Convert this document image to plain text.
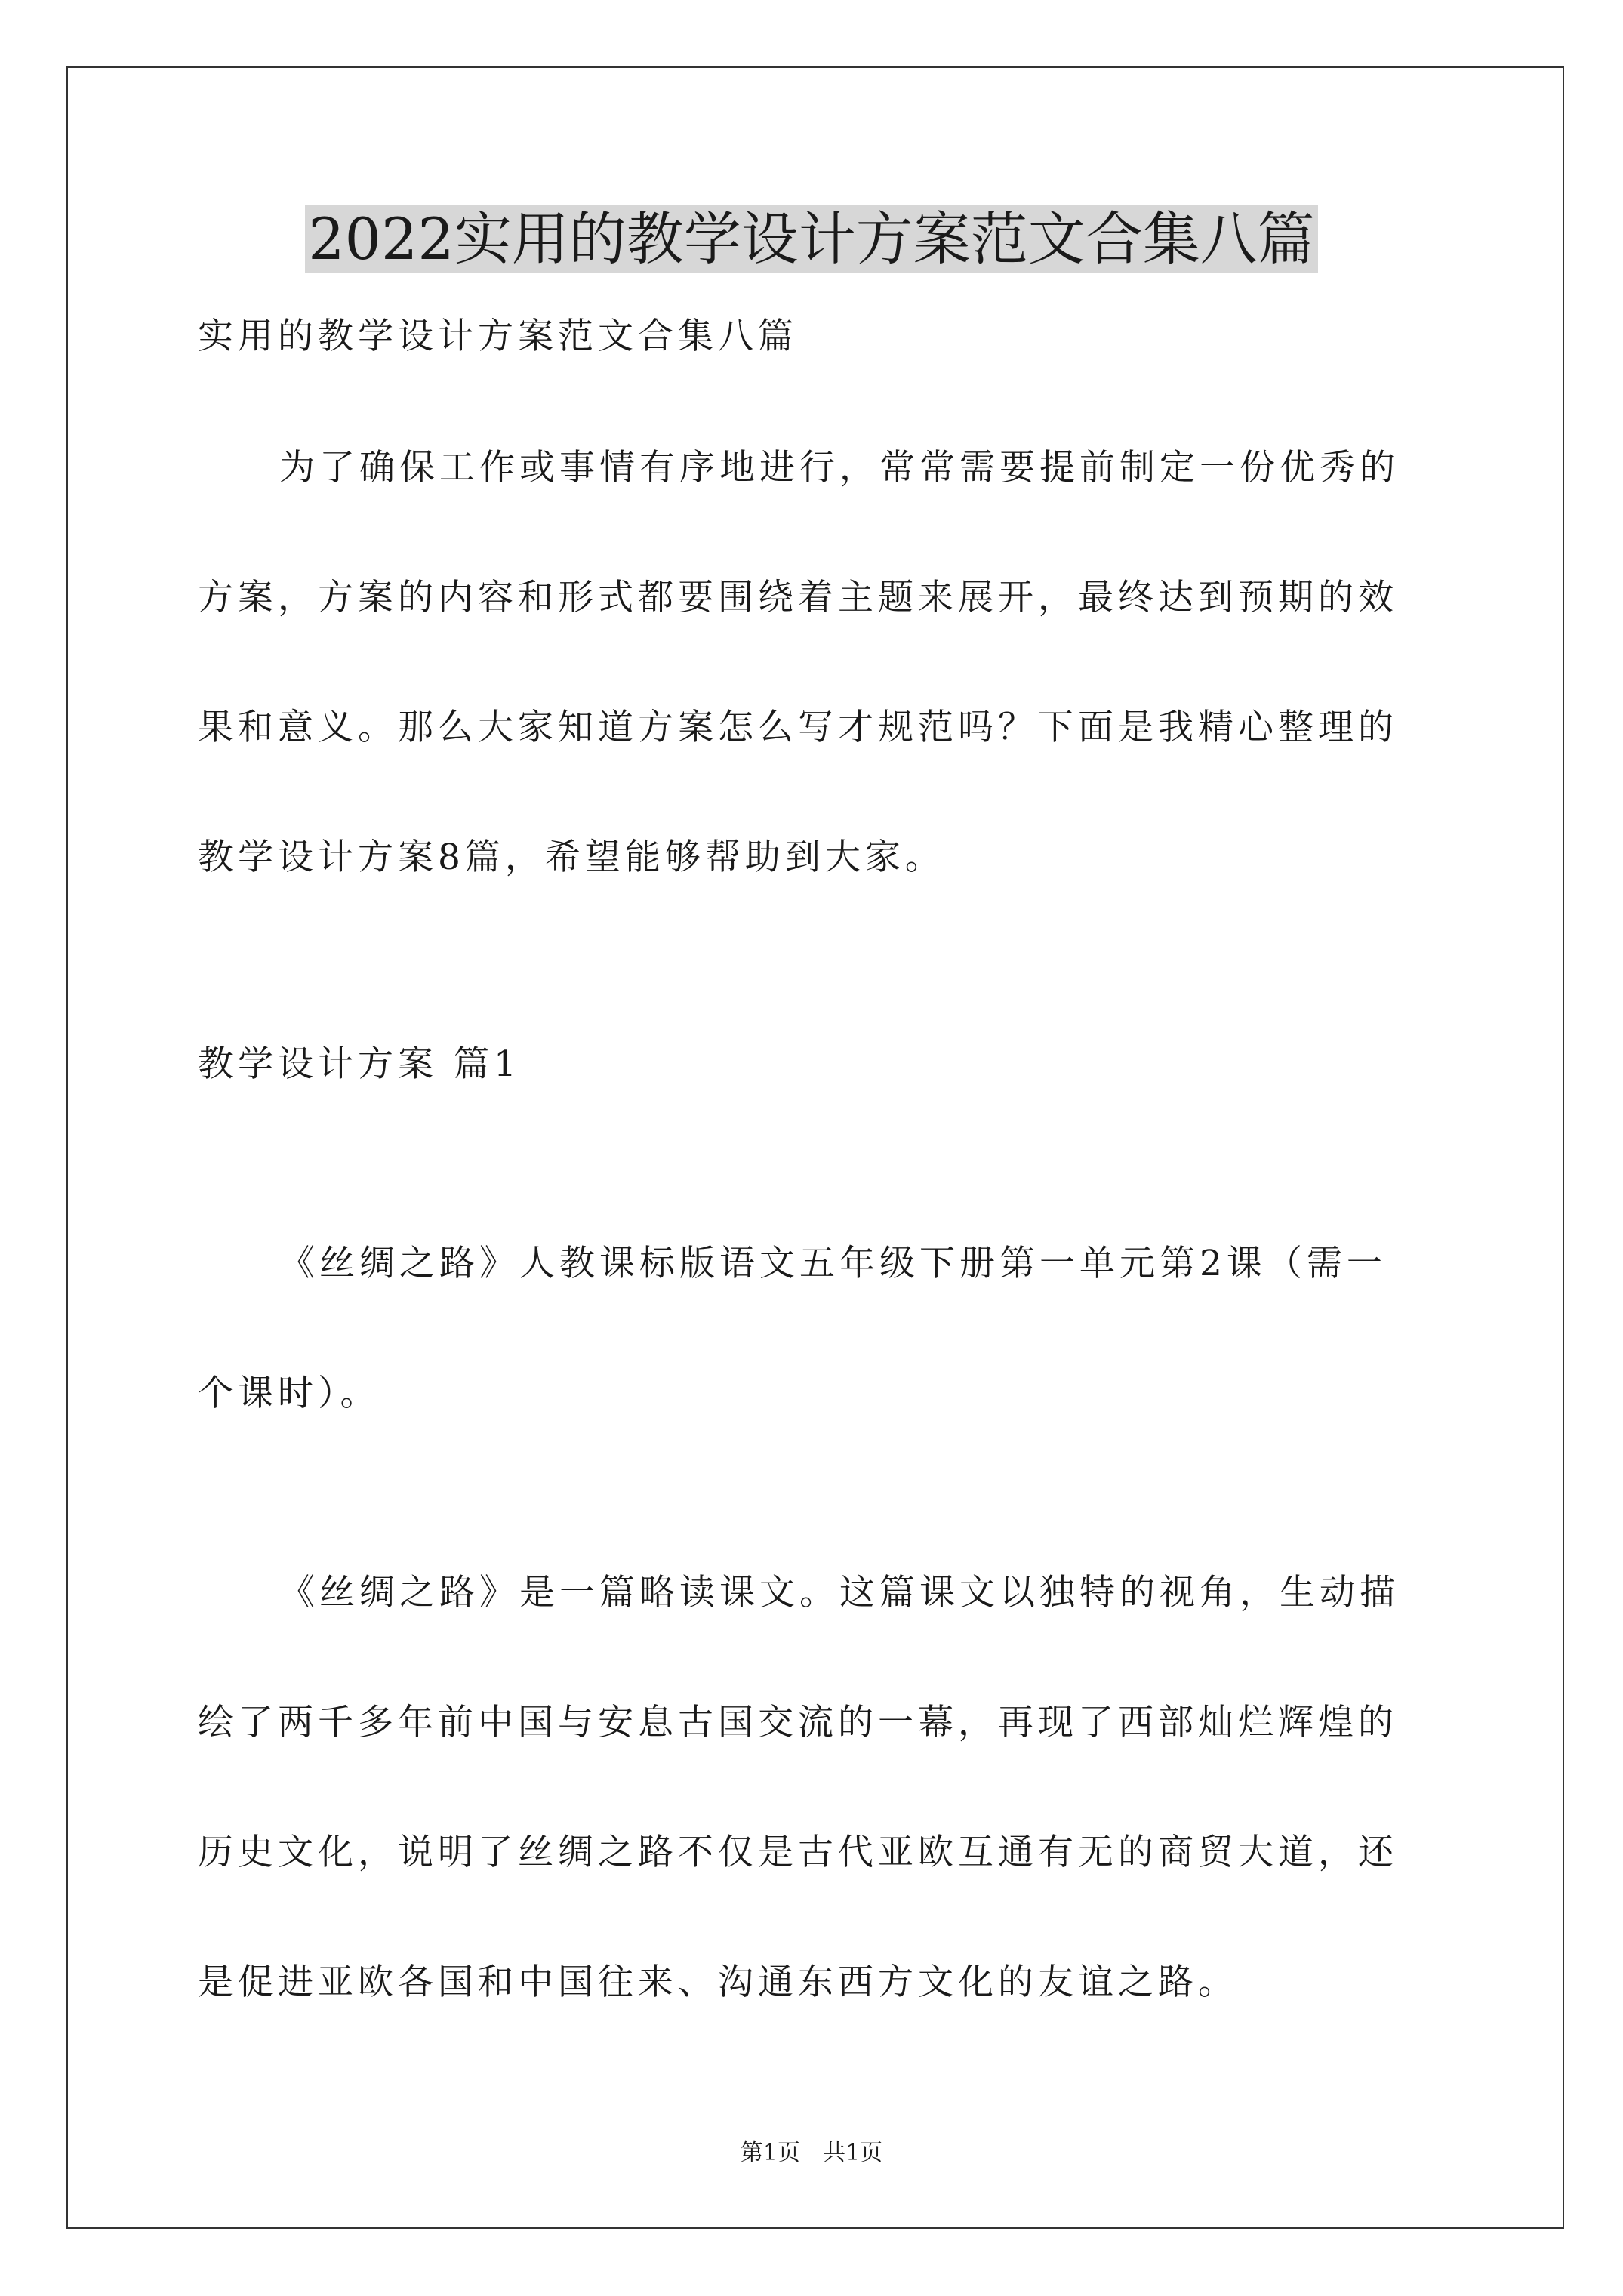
2022实用的教学设计方案范文合集八篇
实用的教学设计方案范文合集八篇
为了确保工作或事情有序地进行，常常需要提前制定一份优秀的
方案，方案的内容和形式都要围绕着主题来展开，最终达到预期的效
果和意义。那么大家知道方案怎么写才规范吗？下面是我精心整理的
教学设计方案8篇，希望能够帮助到大家。
教学设计方案 篇1
《丝绸之路》人教课标版语文五年级下册第一单元第2课（需一
个课时）。
《丝绸之路》是一篇略读课文。这篇课文以独特的视角，生动描
绘了两千多年前中国与安息古国交流的一幕，再现了西部灿烂辉煌的
历史文化，说明了丝绸之路不仅是古代亚欧互通有无的商贸大道，还
是促进亚欧各国和中国往来、沟通东西方文化的友谊之路。
第1页　共1页
